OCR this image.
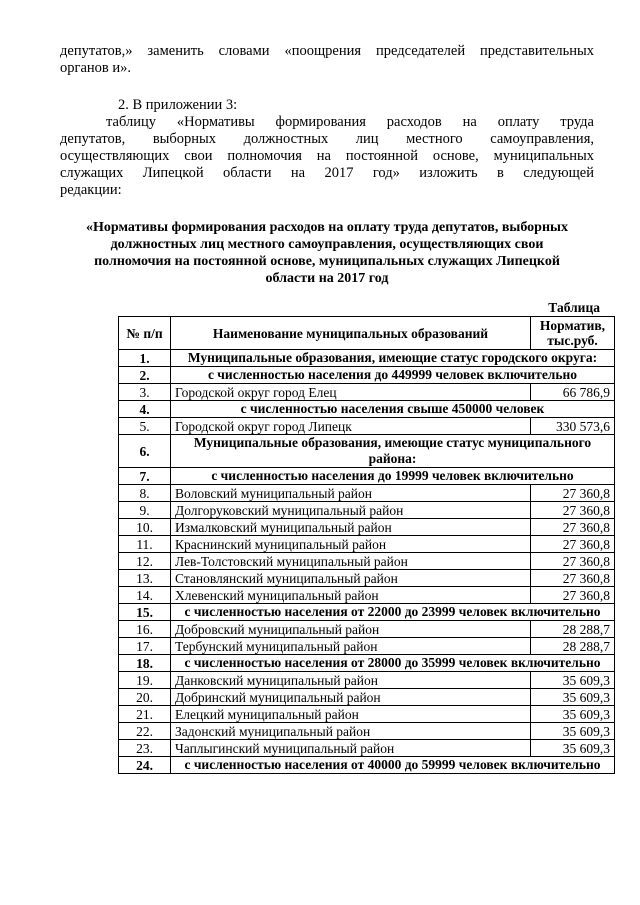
депутатов,» заменить словами «поощрения председателей представительных
органов и».
2. В приложении 3:
таблицу «Нормативы формирования расходов на оплату труда
депутатов, выборных должностных лиц местного самоуправления,
осуществляющих свои полномочия на постоянной основе, муниципальных
служащих Липецкой области на 2017 год» изложить в следующей
редакции:
«Нормативы формирования расходов на оплату труда депутатов, выборных
должностных лиц местного самоуправления, осуществляющих свои
полномочия на постоянной основе, муниципальных служащих Липецкой
области на 2017 год
Таблица
№ п/п	Наименование муниципальных образований	Норматив, тыс.руб.
1.	Муниципальные образования, имеющие статус городского округа:	
2.	с численностью населения до 449999 человек включительно	
3.	Городской округ город Елец	66 786,9
4.	с численностью населения свыше 450000 человек	
5.	Городской округ город Липецк	330 573,6
6.	Муниципальные образования, имеющие статус муниципального района:	
7.	с численностью населения до 19999 человек включительно	
8.	Воловский муниципальный район	27 360,8
9.	Долгоруковский муниципальный район	27 360,8
10.	Измалковский муниципальный район	27 360,8
11.	Краснинский муниципальный район	27 360,8
12.	Лев-Толстовский муниципальный район	27 360,8
13.	Становлянский муниципальный район	27 360,8
14.	Хлевенский муниципальный район	27 360,8
15.	с численностью населения от 22000 до 23999 человек включительно	
16.	Добровский муниципальный район	28 288,7
17.	Тербунский муниципальный район	28 288,7
18.	с численностью населения от 28000 до 35999 человек включительно	
19.	Данковский муниципальный район	35 609,3
20.	Добринский муниципальный район	35 609,3
21.	Елецкий муниципальный район	35 609,3
22.	Задонский муниципальный район	35 609,3
23.	Чаплыгинский муниципальный район	35 609,3
24.	с численностью населения от 40000 до 59999 человек включительно	
